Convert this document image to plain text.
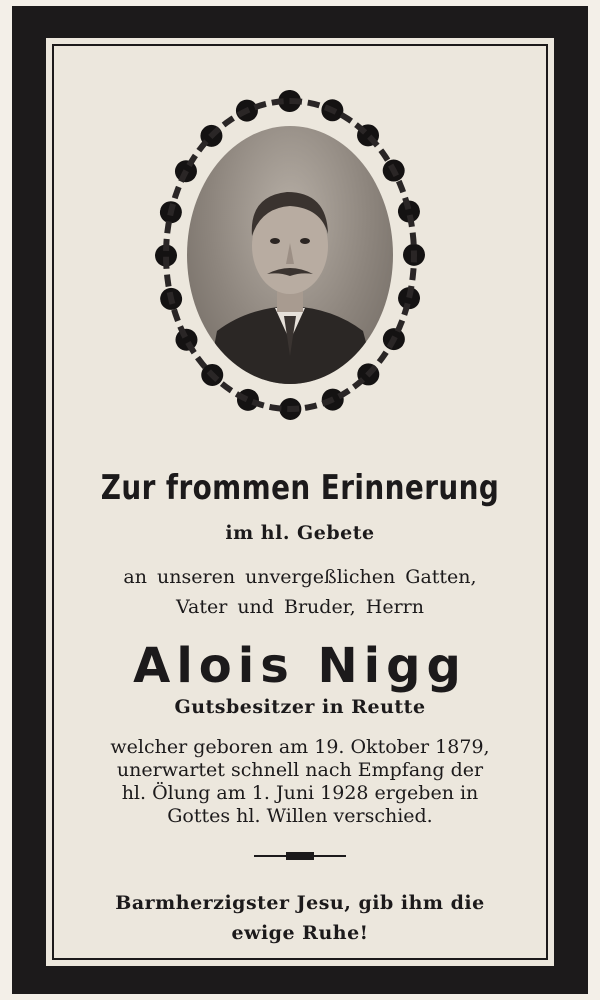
Zur frommen Erinnerung
im hl. Gebete
an unseren unvergeßlichen Gatten,
Vater und Bruder, Herrn
Alois Nigg
Gutsbesitzer in Reutte
welcher geboren am 19. Oktober 1879,
unerwartet schnell nach Empfang der
hl. Ölung am 1. Juni 1928 ergeben in
Gottes hl. Willen verschied.
Barmherzigster Jesu, gib ihm die
ewige Ruhe!
